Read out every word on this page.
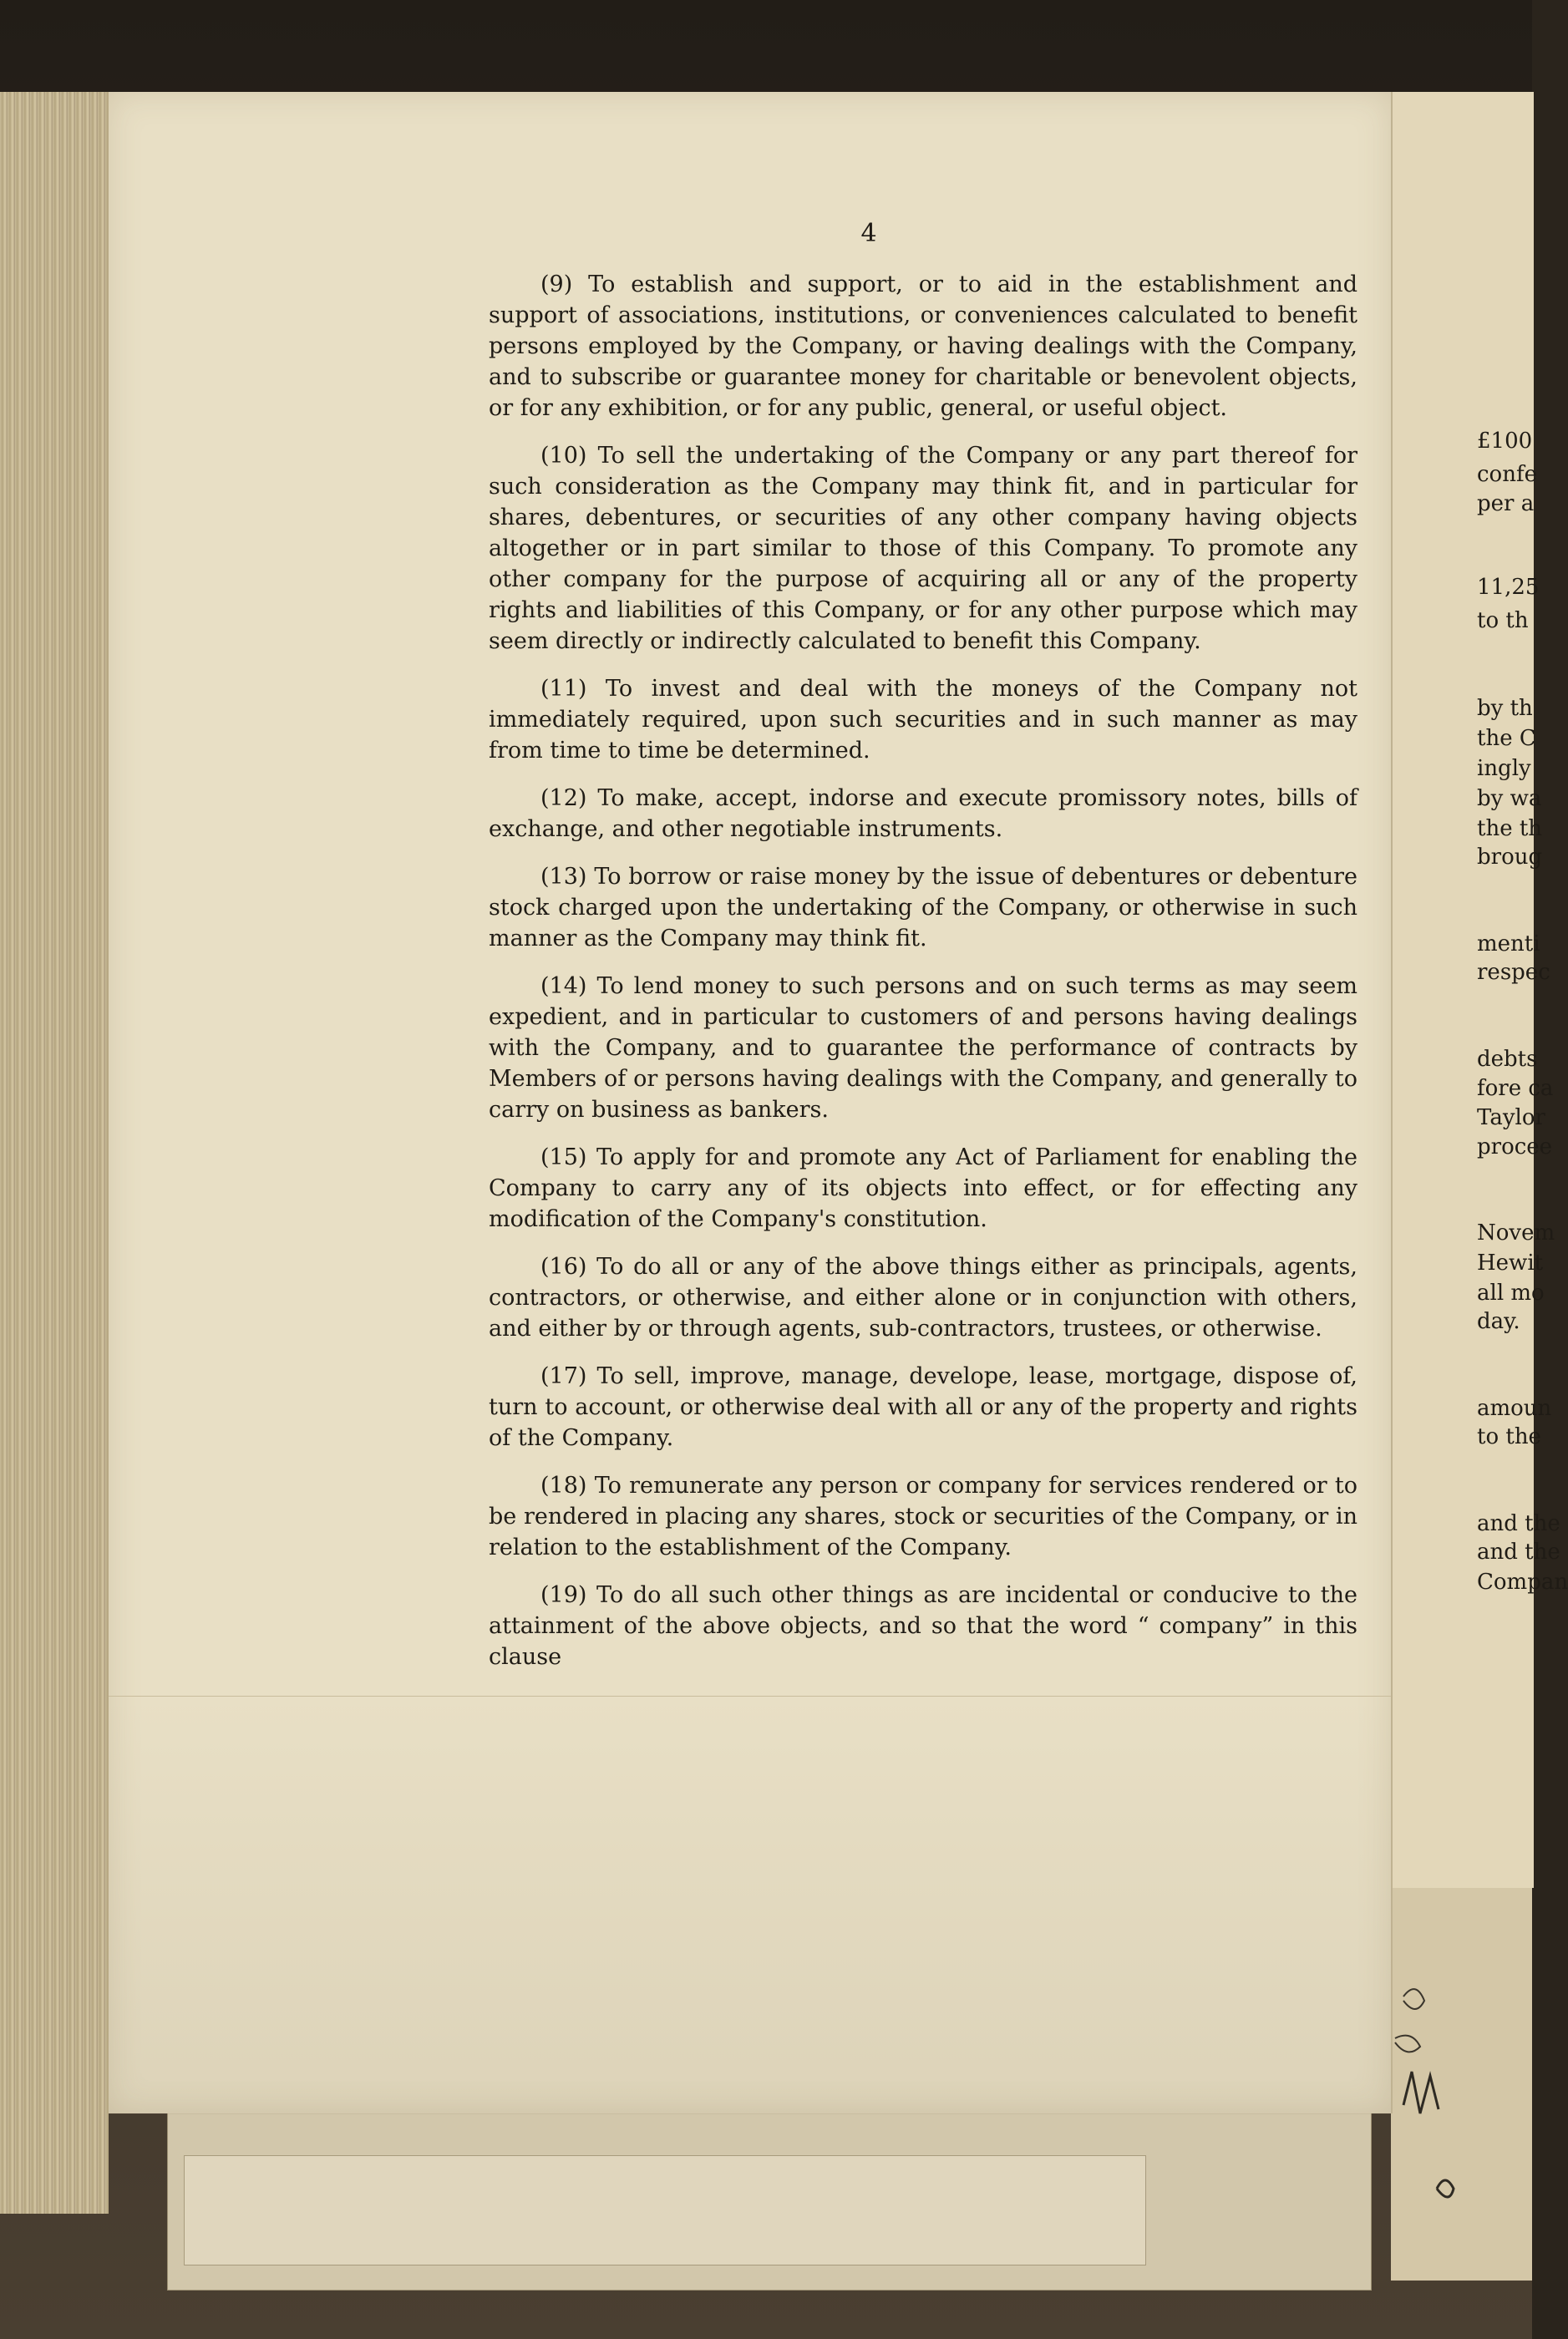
4

(9) To establish and support, or to aid in the establishment and support of associations, institutions, or conveniences calculated to benefit persons employed by the Company, or having dealings with the Company, and to subscribe or guarantee money for charitable or benevolent objects, or for any exhibition, or for any public, general, or useful object.

(10) To sell the undertaking of the Company or any part thereof for such consideration as the Company may think fit, and in particular for shares, debentures, or securities of any other company having objects altogether or in part similar to those of this Company. To promote any other company for the purpose of acquiring all or any of the property rights and liabilities of this Company, or for any other purpose which may seem directly or indirectly calculated to benefit this Company.

(11) To invest and deal with the moneys of the Company not immediately required, upon such securities and in such manner as may from time to time be determined.

(12) To make, accept, indorse and execute promissory notes, bills of exchange, and other negotiable instruments.

(13) To borrow or raise money by the issue of debentures or debenture stock charged upon the undertaking of the Company, or otherwise in such manner as the Company may think fit.

(14) To lend money to such persons and on such terms as may seem expedient, and in particular to customers of and persons having dealings with the Company, and to guarantee the performance of contracts by Members of or persons having dealings with the Company, and generally to carry on business as bankers.

(15) To apply for and promote any Act of Parliament for enabling the Company to carry any of its objects into effect, or for effecting any modification of the Company's constitution.

(16) To do all or any of the above things either as principals, agents, contractors, or otherwise, and either alone or in conjunction with others, and either by or through agents, sub-contractors, trustees, or otherwise.

(17) To sell, improve, manage, develope, lease, mortgage, dispose of, turn to account, or otherwise deal with all or any of the property and rights of the Company.

(18) To remunerate any person or company for services rendered or to be rendered in placing any shares, stock or securities of the Company, or in relation to the establishment of the Company.

(19) To do all such other things as are incidental or conducive to the attainment of the above objects, and so that the word “ company” in this clause

£100
confe
per a
11,25
to th
by th
the C
ingly
by wa
the th
broug
menti
respec
debts
fore ca
Taylor
procee
Novem
Hewit
all mo
day.
amoun
to the
and the
and the
Compan
